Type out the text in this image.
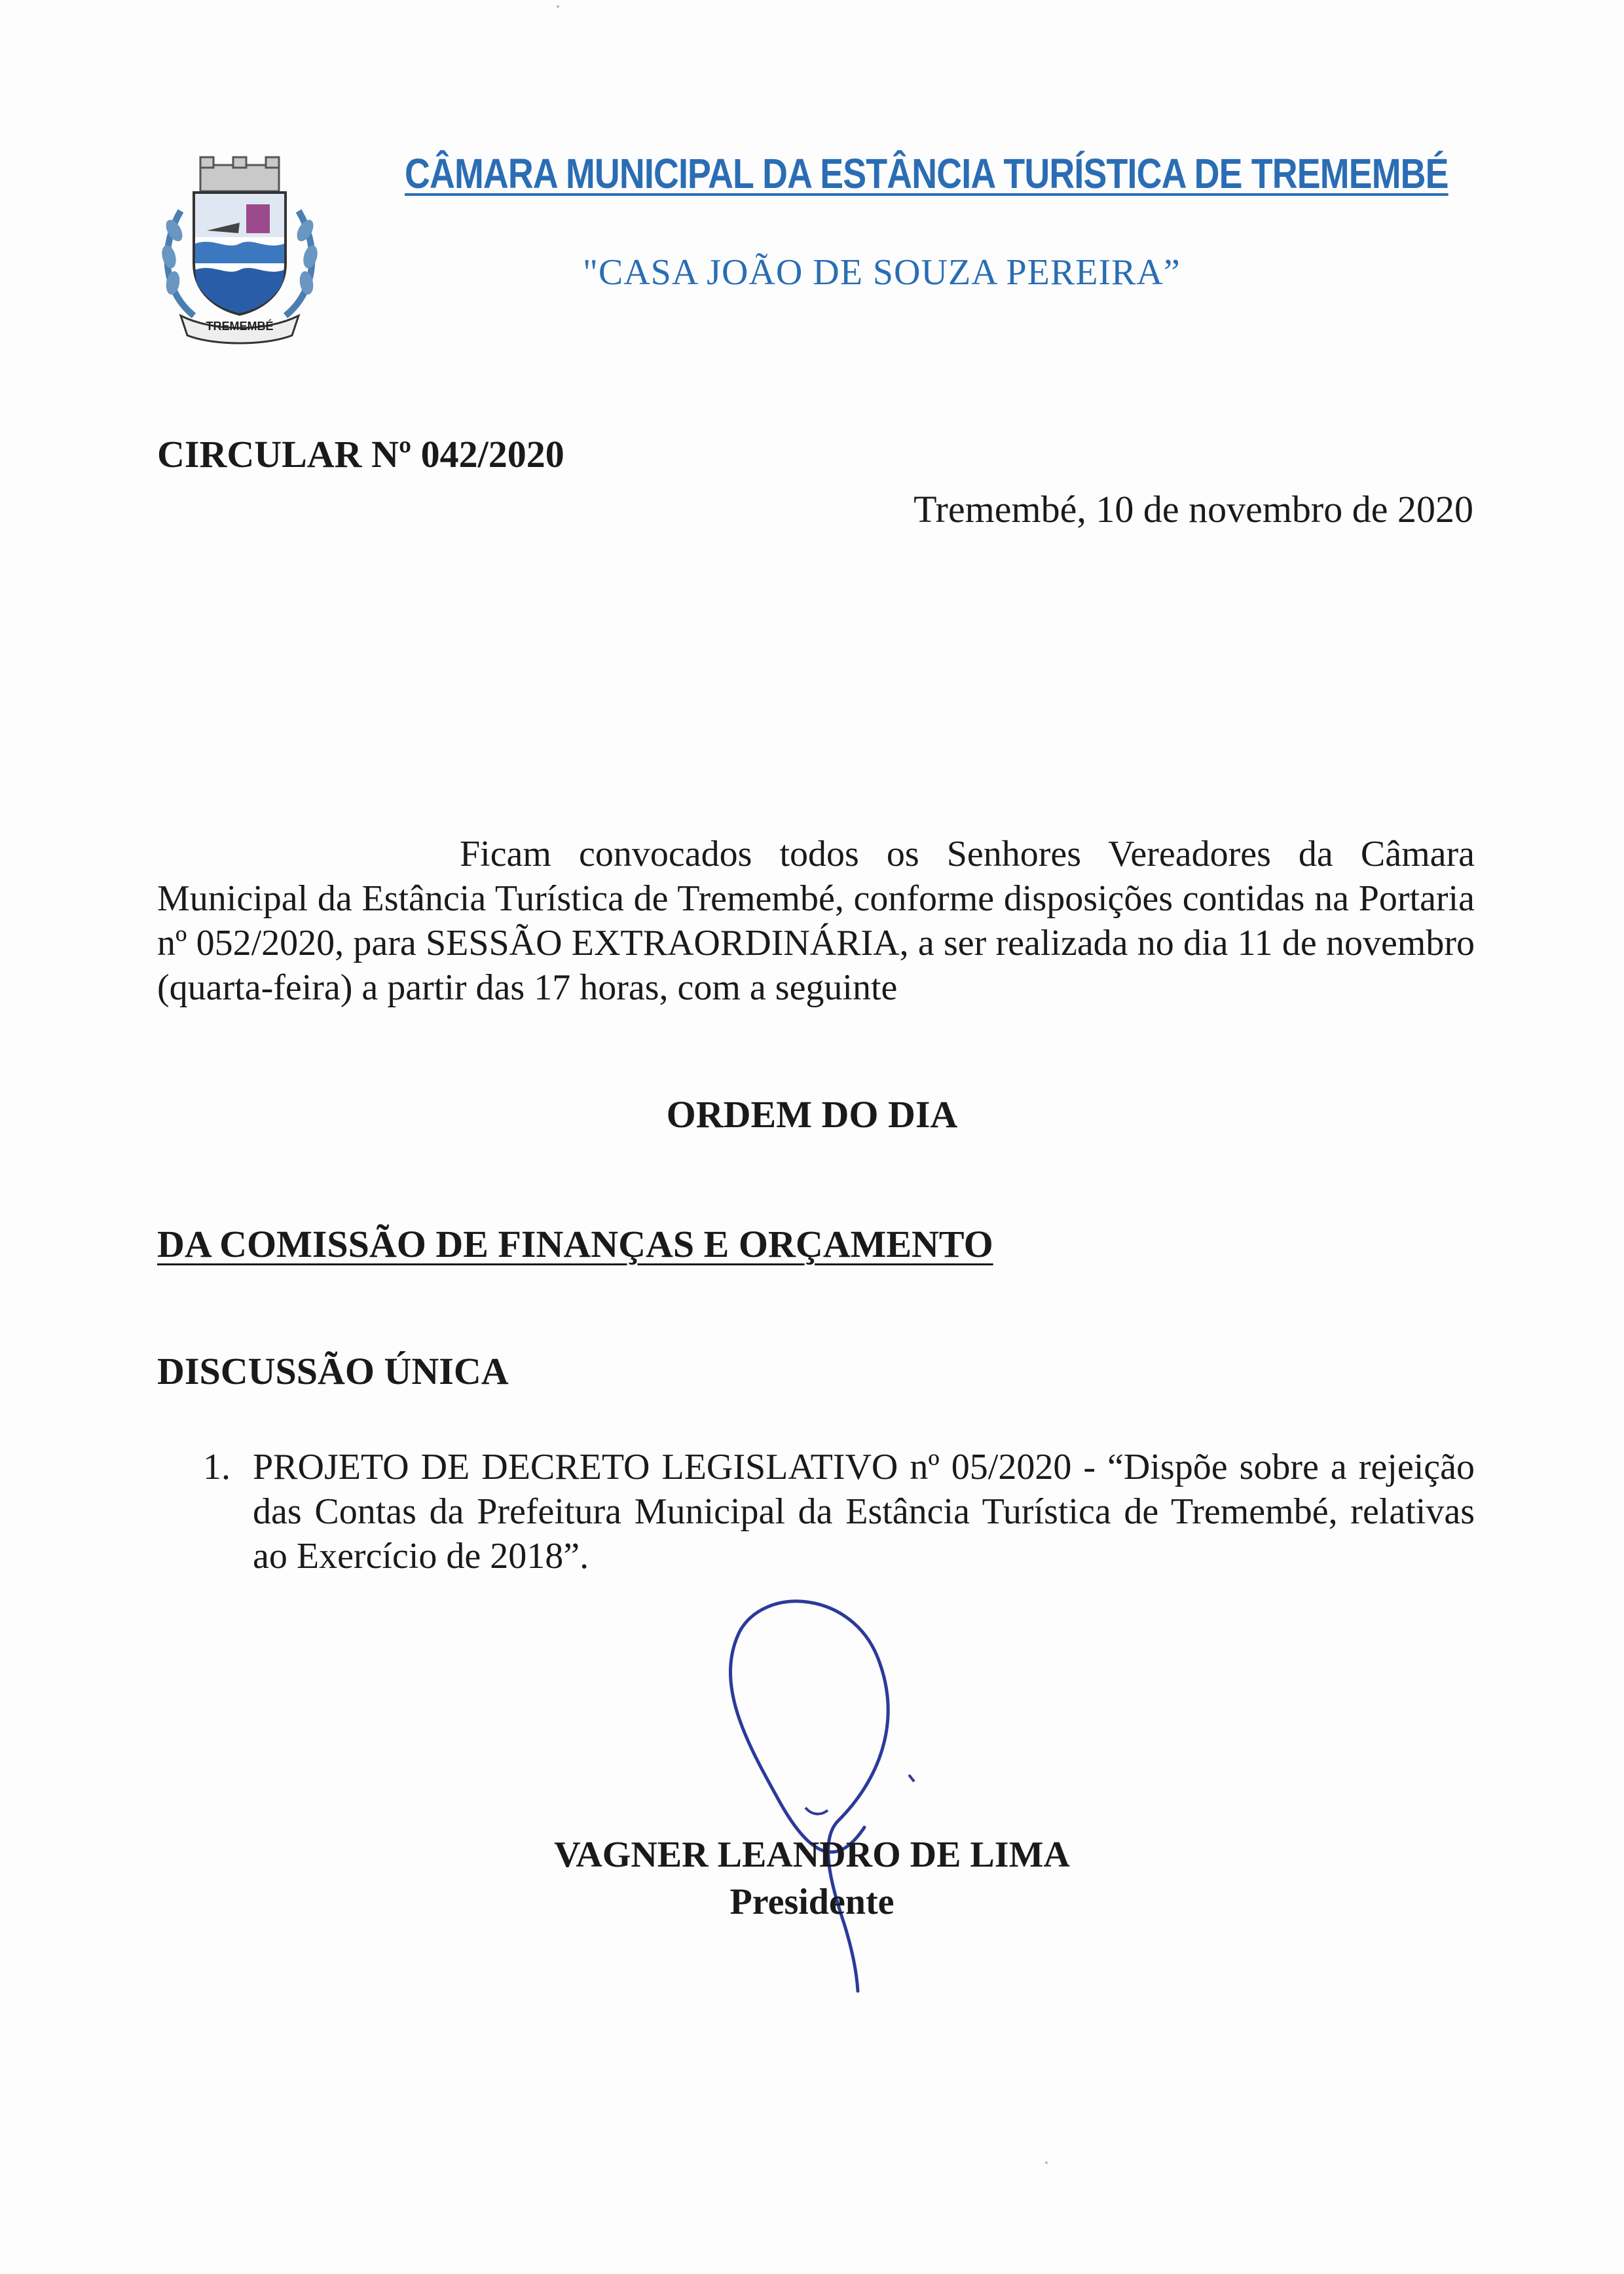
TREMEMBÉ
CÂMARA MUNICIPAL DA ESTÂNCIA TURÍSTICA DE TREMEMBÉ
"CASA JOÃO DE SOUZA PEREIRA”
CIRCULAR Nº 042/2020
Tremembé, 10 de novembro de 2020
Ficam convocados todos os Senhores Vereadores da Câmara Municipal da Estância Turística de Tremembé, conforme disposições contidas na Portaria nº 052/2020, para SESSÃO EXTRAORDINÁRIA, a ser realizada no dia 11 de novembro (quarta-feira) a partir das 17 horas, com a seguinte
ORDEM DO DIA
DA COMISSÃO DE FINANÇAS E ORÇAMENTO
DISCUSSÃO ÚNICA
1. PROJETO DE DECRETO LEGISLATIVO nº 05/2020 - “Dispõe sobre a rejeição das Contas da Prefeitura Municipal da Estância Turística de Tremembé, relativas ao Exercício de 2018”.
VAGNER LEANDRO DE LIMA
Presidente
